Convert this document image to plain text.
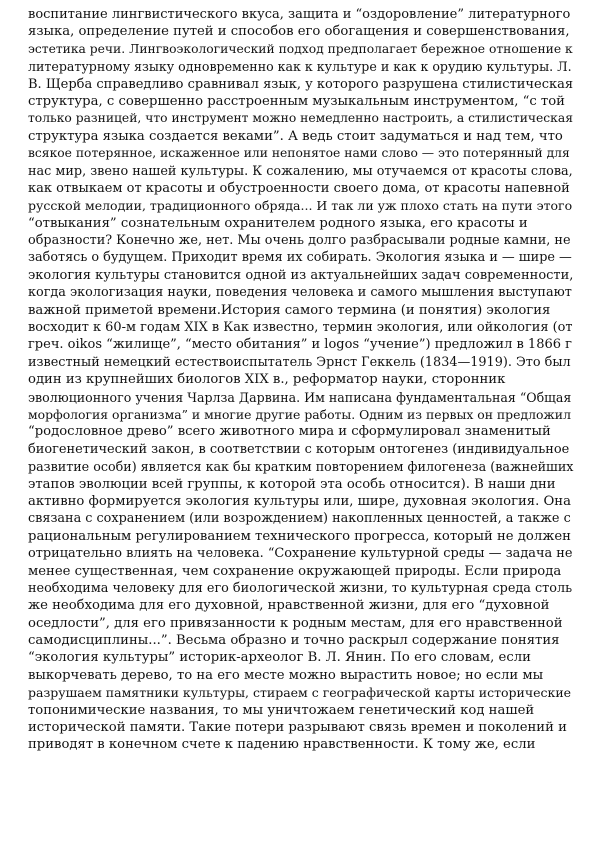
воспитание лингвистического вкуса, защита и “оздоровление” литературного
языка, определение путей и способов его обогащения и совершенствования,
эстетика речи. Лингвоэкологический подход предполагает бережное отношение к
литературному языку одновременно как к культуре и как к орудию культуры. Л.
В. Щерба справедливо сравнивал язык, у которого разрушена стилистическая
структура, с совершенно расстроенным музыкальным инструментом, “с той
только разницей, что инструмент можно немедленно настроить, а стилистическая
структура языка создается веками”. А ведь стоит задуматься и над тем, что
всякое потерянное, искаженное или непонятое нами слово — это потерянный для
нас мир, звено нашей культуры. К сожалению, мы отучаемся от красоты слова,
как отвыкаем от красоты и обустроенности своего дома, от красоты напевной
русской мелодии, традиционного обряда... И так ли уж плохо стать на пути этого
“отвыкания” сознательным охранителем родного языка, его красоты и
образности? Конечно же, нет. Мы очень долго разбрасывали родные камни, не
заботясь о будущем. Приходит время их собирать. Экология языка и — шире —
экология культуры становится одной из актуальнейших задач современности,
когда экологизация науки, поведения человека и самого мышления выступают
важной приметой времени.История самого термина (и понятия) экология
восходит к 60-м годам XIX в Как известно, термин экология, или ойкология (от
греч. oikos “жилище”, “место обитания” и logos “учение”) предложил в 1866 г
известный немецкий естествоиспытатель Эрнст Геккель (1834—1919). Это был
один из крупнейших биологов XIX в., реформатор науки, сторонник
эволюционного учения Чарлза Дарвина. Им написана фундаментальная “Общая
морфология организма” и многие другие работы. Одним из первых он предложил
“родословное древо” всего животного мира и сформулировал знаменитый
биогенетический закон, в соответствии с которым онтогенез (индивидуальное
развитие особи) является как бы кратким повторением филогенеза (важнейших
этапов эволюции всей группы, к которой эта особь относится). В наши дни
активно формируется экология культуры или, шире, духовная экология. Она
связана с сохранением (или возрождением) накопленных ценностей, а также с
рациональным регулированием технического прогресса, который не должен
отрицательно влиять на человека. “Сохранение культурной среды — задача не
менее существенная, чем сохранение окружающей природы. Если природа
необходима человеку для его биологической жизни, то культурная среда столь
же необходима для его духовной, нравственной жизни, для его “духовной
оседлости”, для его привязанности к родным местам, для его нравственной
самодисциплины...”. Весьма образно и точно раскрыл содержание понятия
“экология культуры” историк-археолог В. Л. Янин. По его словам, если
выкорчевать дерево, то на его месте можно вырастить новое; но если мы
разрушаем памятники культуры, стираем с географической карты исторические
топонимические названия, то мы уничтожаем генетический код нашей
исторической памяти. Такие потери разрывают связь времен и поколений и
приводят в конечном счете к падению нравственности. К тому же, если
